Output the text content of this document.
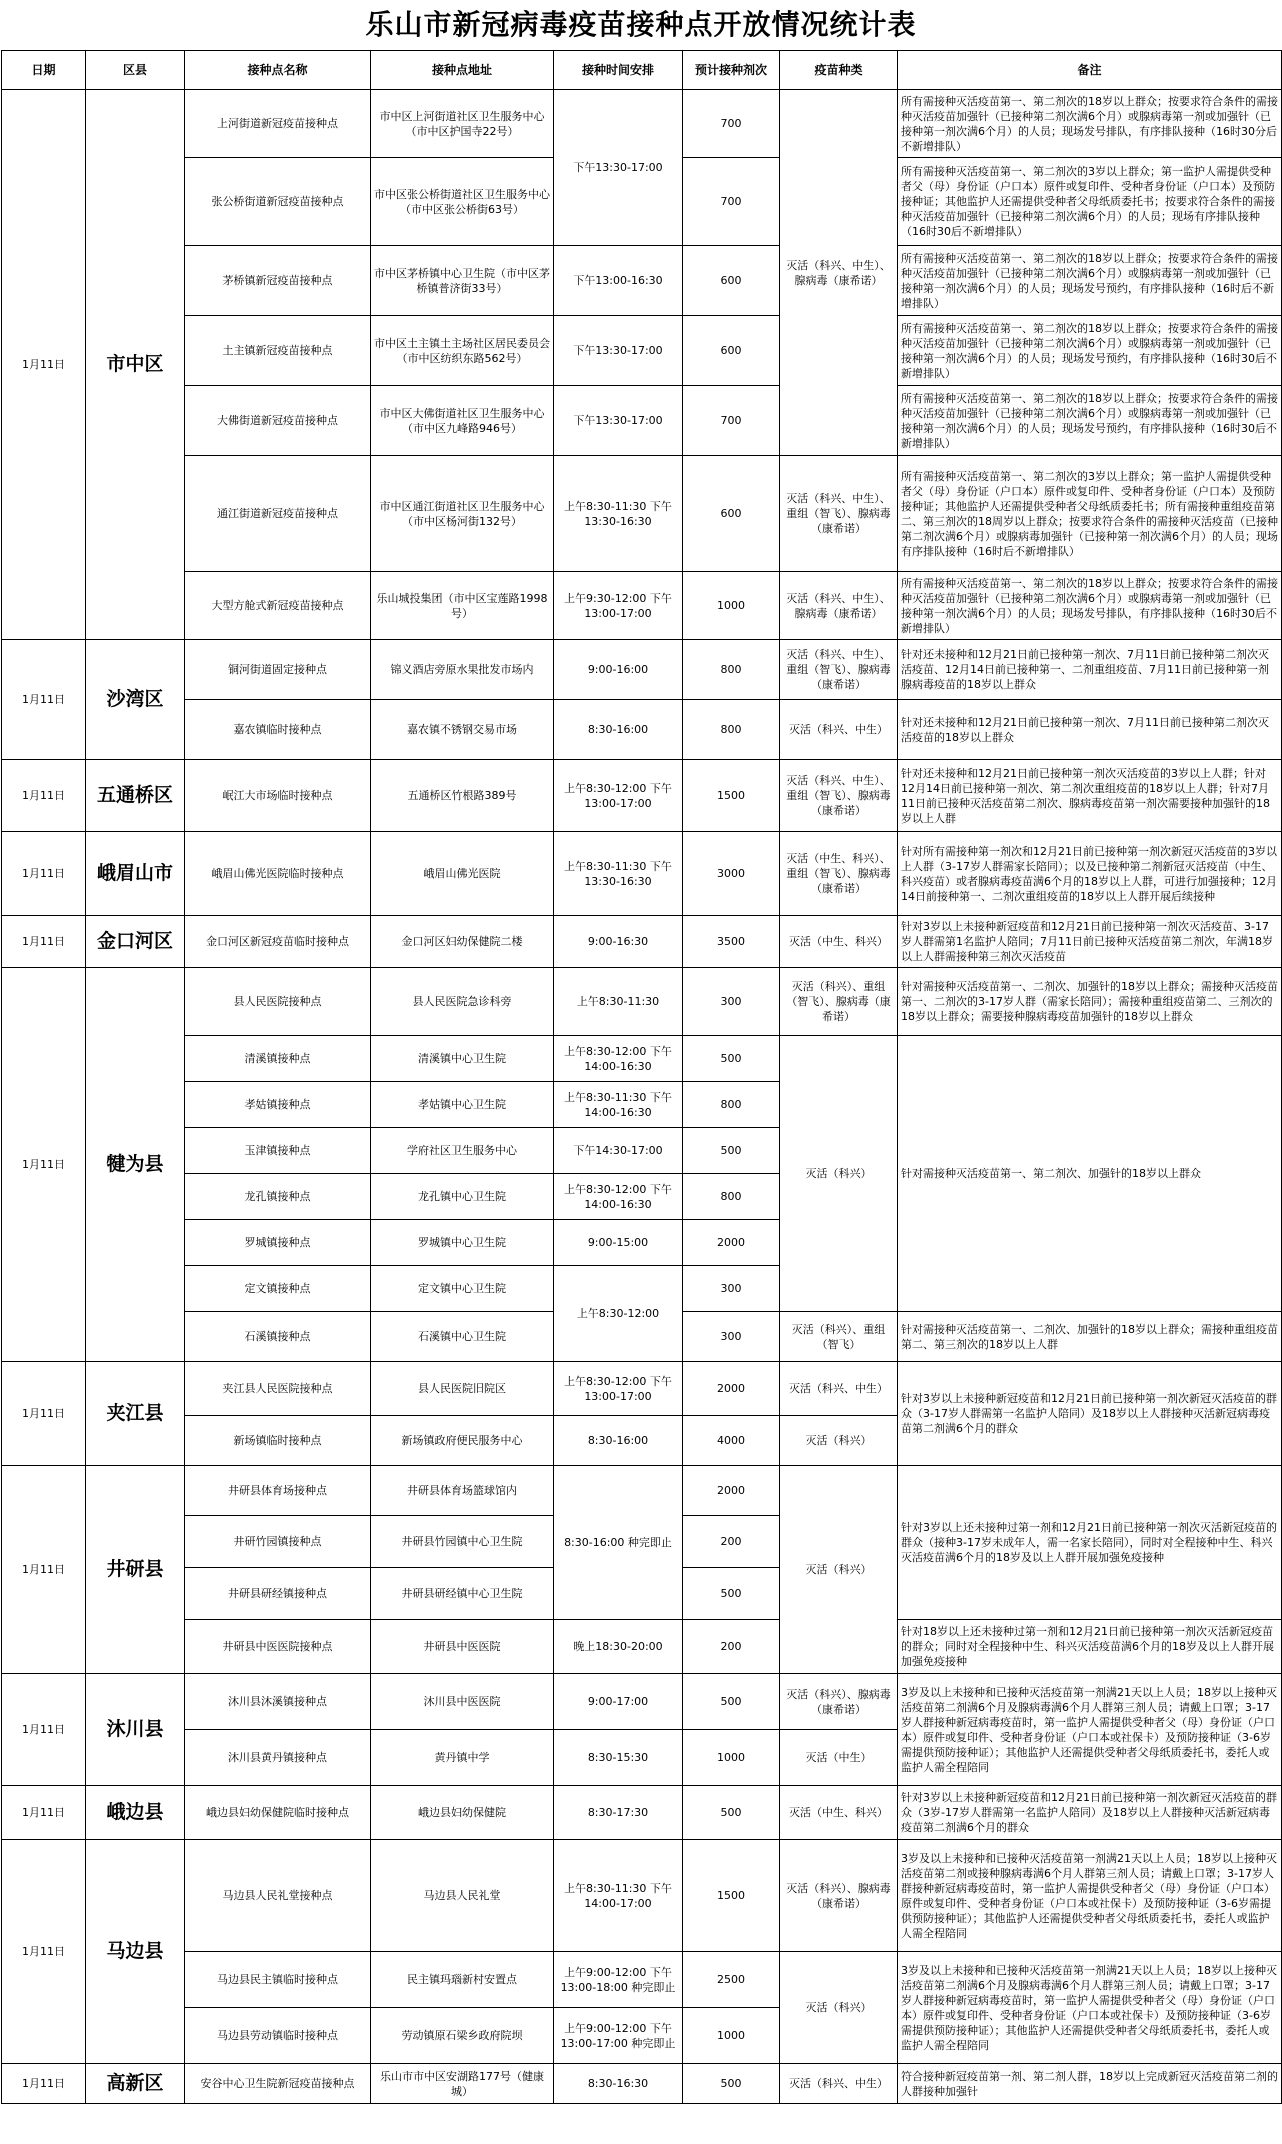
乐山市新冠病毒疫苗接种点开放情况统计表
日期	区县	接种点名称	接种点地址	接种时间安排	预计接种剂次	疫苗种类	备注
1月11日	市中区	上河街道新冠疫苗接种点	市中区上河街道社区卫生服务中心（市中区护国寺22号）	下午13:30-17:00	700	灭活（科兴、中生）、腺病毒（康希诺）	所有需接种灭活疫苗第一、第二剂次的18岁以上群众；按要求符合条件的需接种灭活疫苗加强针（已接种第二剂次满6个月）或腺病毒第一剂或加强针（已接种第一剂次满6个月）的人员；现场发号排队，有序排队接种（16时30分后不新增排队）
		张公桥街道新冠疫苗接种点	市中区张公桥街道社区卫生服务中心（市中区张公桥街63号）		700		所有需接种灭活疫苗第一、第二剂次的3岁以上群众；第一监护人需提供受种者父（母）身份证（户口本）原件或复印件、受种者身份证（户口本）及预防接种证；其他监护人还需提供受种者父母纸质委托书；按要求符合条件的需接种灭活疫苗加强针（已接种第二剂次满6个月）的人员；现场有序排队接种（16时30后不新增排队）
		茅桥镇新冠疫苗接种点	市中区茅桥镇中心卫生院（市中区茅桥镇普济街33号）	下午13:00-16:30	600		所有需接种灭活疫苗第一、第二剂次的18岁以上群众；按要求符合条件的需接种灭活疫苗加强针（已接种第二剂次满6个月）或腺病毒第一剂或加强针（已接种第一剂次满6个月）的人员；现场发号预约，有序排队接种（16时后不新增排队）
		土主镇新冠疫苗接种点	市中区土主镇土主场社区居民委员会（市中区纺织东路562号）	下午13:30-17:00	600		所有需接种灭活疫苗第一、第二剂次的18岁以上群众；按要求符合条件的需接种灭活疫苗加强针（已接种第二剂次满6个月）或腺病毒第一剂或加强针（已接种第一剂次满6个月）的人员；现场发号预约，有序排队接种（16时30后不新增排队）
		大佛街道新冠疫苗接种点	市中区大佛街道社区卫生服务中心（市中区九峰路946号）	下午13:30-17:00	700		所有需接种灭活疫苗第一、第二剂次的18岁以上群众；按要求符合条件的需接种灭活疫苗加强针（已接种第二剂次满6个月）或腺病毒第一剂或加强针（已接种第一剂次满6个月）的人员；现场发号预约，有序排队接种（16时30后不新增排队）
		通江街道新冠疫苗接种点	市中区通江街道社区卫生服务中心（市中区杨河街132号）	上午8:30-11:30 下午13:30-16:30	600	灭活（科兴、中生）、重组（智飞）、腺病毒（康希诺）	所有需接种灭活疫苗第一、第二剂次的3岁以上群众；第一监护人需提供受种者父（母）身份证（户口本）原件或复印件、受种者身份证（户口本）及预防接种证；其他监护人还需提供受种者父母纸质委托书；所有需接种重组疫苗第二、第三剂次的18周岁以上群众；按要求符合条件的需接种灭活疫苗（已接种第二剂次满6个月）或腺病毒加强针（已接种第一剂次满6个月）的人员；现场有序排队接种（16时后不新增排队）
		大型方舱式新冠疫苗接种点	乐山城投集团（市中区宝莲路1998号）	上午9:30-12:00 下午13:00-17:00	1000	灭活（科兴、中生）、腺病毒（康希诺）	所有需接种灭活疫苗第一、第二剂次的18岁以上群众；按要求符合条件的需接种灭活疫苗加强针（已接种第二剂次满6个月）或腺病毒第一剂或加强针（已接种第一剂次满6个月）的人员；现场发号排队，有序排队接种（16时30后不新增排队）
1月11日	沙湾区	铜河街道固定接种点	锦义酒店旁原水果批发市场内	9:00-16:00	800	灭活（科兴、中生）、重组（智飞）、腺病毒（康希诺）	针对还未接种和12月21日前已接种第一剂次、7月11日前已接种第二剂次灭活疫苗、12月14日前已接种第一、二剂重组疫苗、7月11日前已接种第一剂腺病毒疫苗的18岁以上群众
		嘉农镇临时接种点	嘉农镇不锈钢交易市场	8:30-16:00	800	灭活（科兴、中生）	针对还未接种和12月21日前已接种第一剂次、7月11日前已接种第二剂次灭活疫苗的18岁以上群众
1月11日	五通桥区	岷江大市场临时接种点	五通桥区竹根路389号	上午8:30-12:00 下午13:00-17:00	1500	灭活（科兴、中生）、重组（智飞）、腺病毒（康希诺）	针对还未接种和12月21日前已接种第一剂次灭活疫苗的3岁以上人群；针对12月14日前已接种第一剂次、第二剂次重组疫苗的18岁以上人群；针对7月11日前已接种灭活疫苗第二剂次、腺病毒疫苗第一剂次需要接种加强针的18岁以上人群
1月11日	峨眉山市	峨眉山佛光医院临时接种点	峨眉山佛光医院	上午8:30-11:30 下午13:30-16:30	3000	灭活（中生、科兴）、重组（智飞）、腺病毒（康希诺）	针对所有需接种第一剂次和12月21日前已接种第一剂次新冠灭活疫苗的3岁以上人群（3-17岁人群需家长陪同）；以及已接种第二剂新冠灭活疫苗（中生、科兴疫苗）或者腺病毒疫苗满6个月的18岁以上人群，可进行加强接种；12月14日前接种第一、二剂次重组疫苗的18岁以上人群开展后续接种
1月11日	金口河区	金口河区新冠疫苗临时接种点	金口河区妇幼保健院二楼	9:00-16:30	3500	灭活（中生、科兴）	针对3岁以上未接种新冠疫苗和12月21日前已接种第一剂次灭活疫苗、3-17岁人群需第1名监护人陪同；7月11日前已接种灭活疫苗第二剂次，年满18岁以上人群需接种第三剂次灭活疫苗
1月11日	犍为县	县人民医院接种点	县人民医院急诊科旁	上午8:30-11:30	300	灭活（科兴）、重组（智飞）、腺病毒（康希诺）	针对需接种灭活疫苗第一、二剂次、加强针的18岁以上群众；需接种灭活疫苗第一、二剂次的3-17岁人群（需家长陪同）；需接种重组疫苗第二、三剂次的18岁以上群众；需要接种腺病毒疫苗加强针的18岁以上群众
		清溪镇接种点	清溪镇中心卫生院	上午8:30-12:00 下午14:00-16:30	500	灭活（科兴）	针对需接种灭活疫苗第一、第二剂次、加强针的18岁以上群众
		孝姑镇接种点	孝姑镇中心卫生院	上午8:30-11:30 下午14:00-16:30	800		
		玉津镇接种点	学府社区卫生服务中心	下午14:30-17:00	500		
		龙孔镇接种点	龙孔镇中心卫生院	上午8:30-12:00 下午14:00-16:30	800		
		罗城镇接种点	罗城镇中心卫生院	9:00-15:00	2000		
		定文镇接种点	定文镇中心卫生院	上午8:30-12:00	300		
		石溪镇接种点	石溪镇中心卫生院		300	灭活（科兴）、重组（智飞）	针对需接种灭活疫苗第一、二剂次、加强针的18岁以上群众；需接种重组疫苗第二、第三剂次的18岁以上人群
1月11日	夹江县	夹江县人民医院接种点	县人民医院旧院区	上午8:30-12:00 下午13:00-17:00	2000	灭活（科兴、中生）	针对3岁以上未接种新冠疫苗和12月21日前已接种第一剂次新冠灭活疫苗的群众（3-17岁人群需第一名监护人陪同）及18岁以上人群接种灭活新冠病毒疫苗第二剂满6个月的群众
		新场镇临时接种点	新场镇政府便民服务中心	8:30-16:00	4000	灭活（科兴）	
1月11日	井研县	井研县体育场接种点	井研县体育场篮球馆内	8:30-16:00 种完即止	2000	灭活（科兴）	针对3岁以上还未接种过第一剂和12月21日前已接种第一剂次灭活新冠疫苗的群众（接种3-17岁未成年人，需一名家长陪同），同时对全程接种中生、科兴灭活疫苗满6个月的18岁及以上人群开展加强免疫接种
		井研竹园镇接种点	井研县竹园镇中心卫生院		200		
		井研县研经镇接种点	井研县研经镇中心卫生院		500		
		井研县中医医院接种点	井研县中医医院	晚上18:30-20:00	200		针对18岁以上还未接种过第一剂和12月21日前已接种第一剂次灭活新冠疫苗的群众；同时对全程接种中生、科兴灭活疫苗满6个月的18岁及以上人群开展加强免疫接种
1月11日	沐川县	沐川县沐溪镇接种点	沐川县中医医院	9:00-17:00	500	灭活（科兴）、腺病毒（康希诺）	3岁及以上未接种和已接种灭活疫苗第一剂满21天以上人员；18岁以上接种灭活疫苗第二剂满6个月及腺病毒满6个月人群第三剂人员；请戴上口罩；3-17岁人群接种新冠病毒疫苗时，第一监护人需提供受种者父（母）身份证（户口本）原件或复印件、受种者身份证（户口本或社保卡）及预防接种证（3-6岁需提供预防接种证）；其他监护人还需提供受种者父母纸质委托书，委托人或监护人需全程陪同
		沐川县黄丹镇接种点	黄丹镇中学	8:30-15:30	1000	灭活（中生）	
1月11日	峨边县	峨边县妇幼保健院临时接种点	峨边县妇幼保健院	8:30-17:30	500	灭活（中生、科兴）	针对3岁以上未接种新冠疫苗和12月21日前已接种第一剂次新冠灭活疫苗的群众（3岁-17岁人群需第一名监护人陪同）及18岁以上人群接种灭活新冠病毒疫苗第二剂满6个月的群众
1月11日	马边县	马边县人民礼堂接种点	马边县人民礼堂	上午8:30-11:30 下午14:00-17:00	1500	灭活（科兴）、腺病毒（康希诺）	3岁及以上未接种和已接种灭活疫苗第一剂满21天以上人员；18岁以上接种灭活疫苗第二剂或接种腺病毒满6个月人群第三剂人员；请戴上口罩；3-17岁人群接种新冠病毒疫苗时，第一监护人需提供受种者父（母）身份证（户口本）原件或复印件、受种者身份证（户口本或社保卡）及预防接种证（3-6岁需提供预防接种证）；其他监护人还需提供受种者父母纸质委托书，委托人或监护人需全程陪同
		马边县民主镇临时接种点	民主镇玛瑙新村安置点	上午9:00-12:00 下午13:00-18:00 种完即止	2500	灭活（科兴）	3岁及以上未接种和已接种灭活疫苗第一剂满21天以上人员；18岁以上接种灭活疫苗第二剂满6个月及腺病毒满6个月人群第三剂人员；请戴上口罩；3-17岁人群接种新冠病毒疫苗时，第一监护人需提供受种者父（母）身份证（户口本）原件或复印件、受种者身份证（户口本或社保卡）及预防接种证（3-6岁需提供预防接种证）；其他监护人还需提供受种者父母纸质委托书，委托人或监护人需全程陪同
		马边县劳动镇临时接种点	劳动镇原石梁乡政府院坝	上午9:00-12:00 下午13:00-17:00 种完即止	1000		
1月11日	高新区	安谷中心卫生院新冠疫苗接种点	乐山市市中区安湖路177号（健康城）	8:30-16:30	500	灭活（科兴、中生）	符合接种新冠疫苗第一剂、第二剂人群，18岁以上完成新冠灭活疫苗第二剂的人群接种加强针
